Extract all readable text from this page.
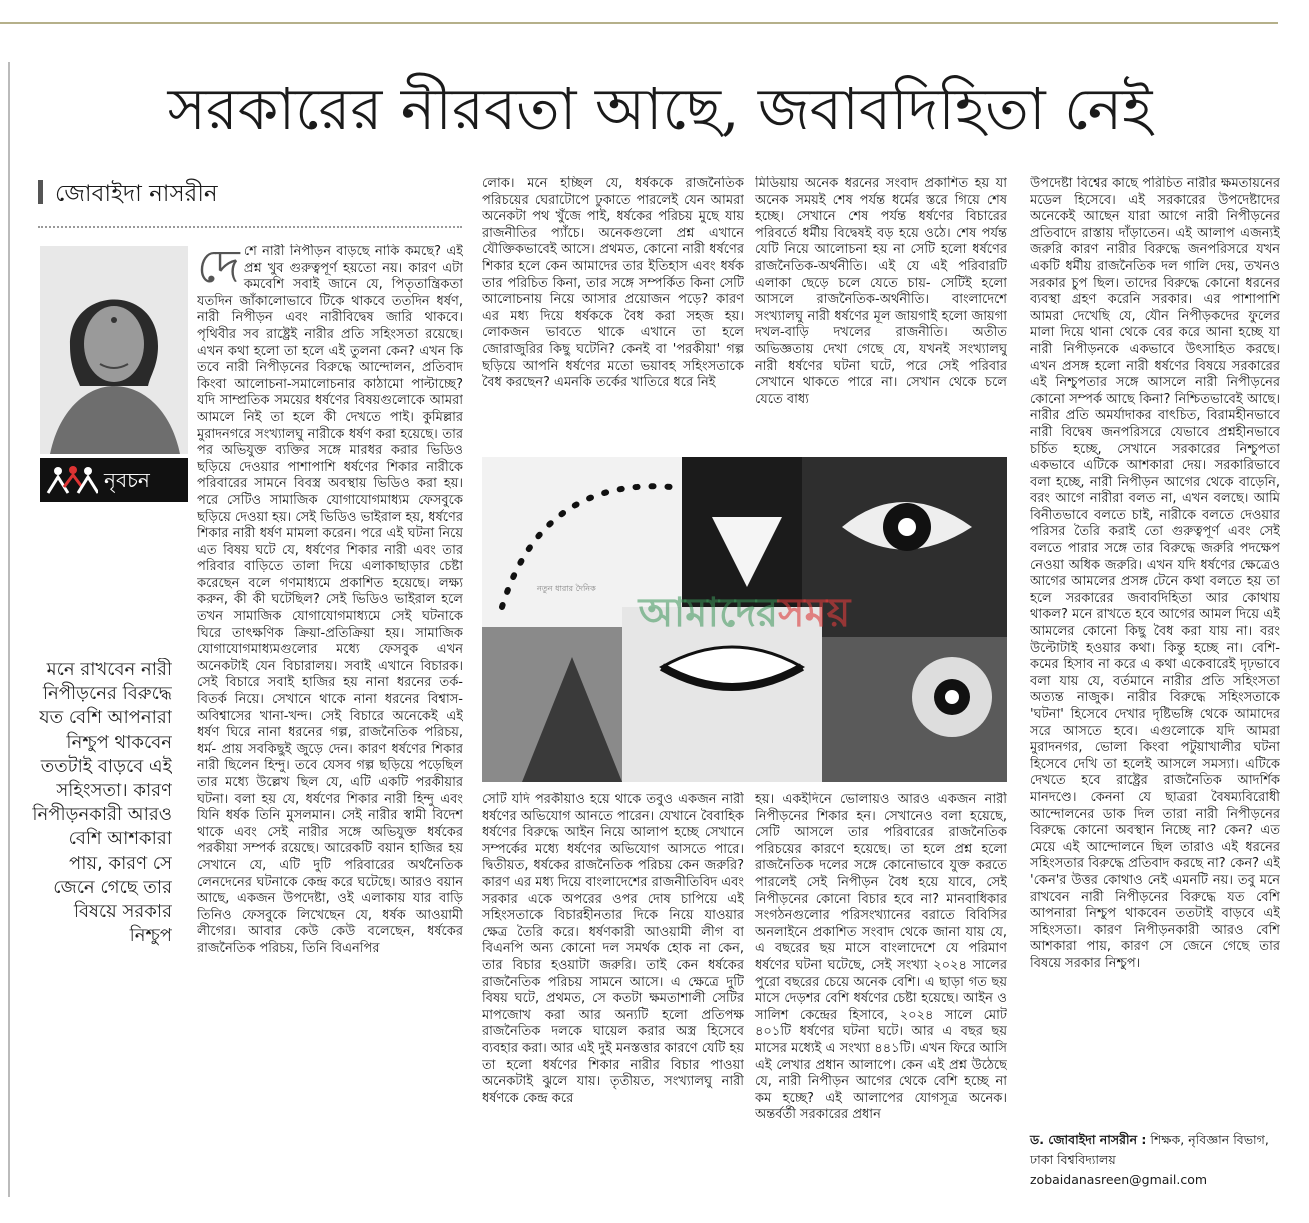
সরকারের নীরবতা আছে, জবাবদিহিতা নেই
জোবাইদা নাসরীন
নৃবচন
মনে রাখবেন নারী নিপীড়নের বিরুদ্ধে যত বেশি আপনারা নিশ্চুপ থাকবেন ততটাই বাড়বে এই সহিংসতা। কারণ নিপীড়নকারী আরও বেশি আশকারা পায়, কারণ সে জেনে গেছে তার বিষয়ে সরকার নিশ্চুপ
দেশে নারী নিপীড়ন বাড়ছে নাকি কমছে? এই প্রশ্ন খুব গুরুত্বপূর্ণ হয়তো নয়। কারণ এটা কমবেশি সবাই জানে যে, পিতৃতান্ত্রিকতা যতদিন জাঁকালোভাবে টিকে থাকবে ততদিন ধর্ষণ, নারী নিপীড়ন এবং নারীবিদ্বেষ জারি থাকবে। পৃথিবীর সব রাষ্ট্রেই নারীর প্রতি সহিংসতা রয়েছে। এখন কথা হলো তা হলে এই তুলনা কেন? এখন কি তবে নারী নিপীড়নের বিরুদ্ধে আন্দোলন, প্রতিবাদ কিংবা আলোচনা-সমালোচনার কাঠামো পাল্টাচ্ছে? যদি সাম্প্রতিক সময়ের ধর্ষণের বিষয়গুলোকে আমরা আমলে নিই তা হলে কী দেখতে পাই। কুমিল্লার মুরাদনগরে সংখ্যালঘু নারীকে ধর্ষণ করা হয়েছে। তার পর অভিযুক্ত ব্যক্তির সঙ্গে মারধর করার ভিডিও ছড়িয়ে দেওয়ার পাশাপাশি ধর্ষণের শিকার নারীকে পরিবারের সামনে বিবস্ত্র অবস্থায় ভিডিও করা হয়। পরে সেটিও সামাজিক যোগাযোগমাধ্যম ফেসবুকে ছড়িয়ে দেওয়া হয়। সেই ভিডিও ভাইরাল হয়, ধর্ষণের শিকার নারী ধর্ষণ মামলা করেন। পরে এই ঘটনা নিয়ে এত বিষয় ঘটে যে, ধর্ষণের শিকার নারী এবং তার পরিবার বাড়িতে তালা দিয়ে এলাকাছাড়ার চেষ্টা করেছেন বলে গণমাধ্যমে প্রকাশিত হয়েছে। লক্ষ্য করুন, কী কী ঘটেছিল? সেই ভিডিও ভাইরাল হলে তখন সামাজিক যোগাযোগমাধ্যমে সেই ঘটনাকে ঘিরে তাৎক্ষণিক ক্রিয়া-প্রতিক্রিয়া হয়। সামাজিক যোগাযোগমাধ্যমগুলোর মধ্যে ফেসবুক এখন অনেকটাই যেন বিচারালয়। সবাই এখানে বিচারক। সেই বিচারে সবাই হাজির হয় নানা ধরনের তর্ক-বিতর্ক নিয়ে। সেখানে থাকে নানা ধরনের বিশ্বাস-অবিশ্বাসের খানা-খন্দ। সেই বিচারে অনেকেই এই ধর্ষণ ঘিরে নানা ধরনের গল্প, রাজনৈতিক পরিচয়, ধর্ম- প্রায় সবকিছুই জুড়ে দেন। কারণ ধর্ষণের শিকার নারী ছিলেন হিন্দু। তবে যেসব গল্প ছড়িয়ে পড়েছিল তার মধ্যে উল্লেখ ছিল যে, এটি একটি পরকীয়ার ঘটনা। বলা হয় যে, ধর্ষণের শিকার নারী হিন্দু এবং যিনি ধর্ষক তিনি মুসলমান। সেই নারীর স্বামী বিদেশ থাকে এবং সেই নারীর সঙ্গে অভিযুক্ত ধর্ষকের পরকীয়া সম্পর্ক রয়েছে। আরেকটি বয়ান হাজির হয় সেখানে যে, এটি দুটি পরিবারের অর্থনৈতিক লেনদেনের ঘটনাকে কেন্দ্র করে ঘটেছে। আরও বয়ান আছে, একজন উপদেষ্টা, ওই এলাকায় যার বাড়ি তিনিও ফেসবুকে লিখেছেন যে, ধর্ষক আওয়ামী লীগের। আবার কেউ কেউ বলেছেন, ধর্ষকের রাজনৈতিক পরিচয়, তিনি বিএনপির
লোক। মনে হচ্ছিল যে, ধর্ষককে রাজনৈতিক পরিচয়ের ঘেরাটোপে ঢুকাতে পারলেই যেন আমরা অনেকটা পথ খুঁজে পাই, ধর্ষকের পরিচয় মুছে যায় রাজনীতির প্যাঁচে। অনেকগুলো প্রশ্ন এখানে যৌক্তিকভাবেই আসে। প্রথমত, কোনো নারী ধর্ষণের শিকার হলে কেন আমাদের তার ইতিহাস এবং ধর্ষক তার পরিচিত কিনা, তার সঙ্গে সম্পর্কিত কিনা সেটি আলোচনায় নিয়ে আসার প্রয়োজন পড়ে? কারণ এর মধ্য দিয়ে ধর্ষককে বৈধ করা সহজ হয়। লোকজন ভাবতে থাকে এখানে তা হলে জোরাজুরির কিছু ঘটেনি? কেনই বা 'পরকীয়া' গল্প ছড়িয়ে আপনি ধর্ষণের মতো ভয়াবহ সহিংসতাকে বৈধ করছেন? এমনকি তর্কের খাতিরে ধরে নিই
মিডিয়ায় অনেক ধরনের সংবাদ প্রকাশিত হয় যা অনেক সময়ই শেষ পর্যন্ত ধর্মের স্তরে গিয়ে শেষ হচ্ছে। সেখানে শেষ পর্যন্ত ধর্ষণের বিচারের পরিবর্তে ধর্মীয় বিদ্বেষই বড় হয়ে ওঠে। শেষ পর্যন্ত যেটি নিয়ে আলোচনা হয় না সেটি হলো ধর্ষণের রাজনৈতিক-অর্থনীতি। এই যে এই পরিবারটি এলাকা ছেড়ে চলে যেতে চায়- সেটিই হলো আসলে রাজনৈতিক-অর্থনীতি। বাংলাদেশে সংখ্যালঘু নারী ধর্ষণের মূল জায়গাই হলো জায়গা দখল-বাড়ি দখলের রাজনীতি। অতীত অভিজ্ঞতায় দেখা গেছে যে, যখনই সংখ্যালঘু নারী ধর্ষণের ঘটনা ঘটে, পরে সেই পরিবার সেখানে থাকতে পারে না। সেখান থেকে চলে যেতে বাধ্য
আমাদেরসময়
নতুন ধারার দৈনিক
সেটি যদি পরকীয়াও হয়ে থাকে তবুও একজন নারী ধর্ষণের অভিযোগ আনতে পারেন। যেখানে বৈবাহিক ধর্ষণের বিরুদ্ধে আইন নিয়ে আলাপ হচ্ছে সেখানে সম্পর্কের মধ্যে ধর্ষণের অভিযোগ আসতে পারে। দ্বিতীয়ত, ধর্ষকের রাজনৈতিক পরিচয় কেন জরুরি? কারণ এর মধ্য দিয়ে বাংলাদেশের রাজনীতিবিদ এবং সরকার একে অপরের ওপর দোষ চাপিয়ে এই সহিংসতাকে বিচারহীনতার দিকে নিয়ে যাওয়ার ক্ষেত্র তৈরি করে। ধর্ষণকারী আওয়ামী লীগ বা বিএনপি অন্য কোনো দল সমর্থক হোক না কেন, তার বিচার হওয়াটা জরুরি। তাই কেন ধর্ষকের রাজনৈতিক পরিচয় সামনে আসে। এ ক্ষেত্রে দুটি বিষয় ঘটে, প্রথমত, সে কতটা ক্ষমতাশালী সেটির মাপজোখ করা আর অন্যটি হলো প্রতিপক্ষ রাজনৈতিক দলকে ঘায়েল করার অস্ত্র হিসেবে ব্যবহার করা। আর এই দুই মনস্তত্তার কারণে যেটি হয় তা হলো ধর্ষণের শিকার নারীর বিচার পাওয়া অনেকটাই ঝুলে যায়। তৃতীয়ত, সংখ্যালঘু নারী ধর্ষণকে কেন্দ্র করে
হয়। একইদিনে ভোলায়ও আরও একজন নারী নিপীড়নের শিকার হন। সেখানেও বলা হয়েছে, সেটি আসলে তার পরিবারের রাজনৈতিক পরিচয়ের কারণে হয়েছে। তা হলে প্রশ্ন হলো রাজনৈতিক দলের সঙ্গে কোনোভাবে যুক্ত করতে পারলেই সেই নিপীড়ন বৈধ হয়ে যাবে, সেই নিপীড়নের কোনো বিচার হবে না? মানবাধিকার সংগঠনগুলোর পরিসংখ্যানের বরাতে বিবিসির অনলাইনে প্রকাশিত সংবাদ থেকে জানা যায় যে, এ বছরের ছয় মাসে বাংলাদেশে যে পরিমাণ ধর্ষণের ঘটনা ঘটেছে, সেই সংখ্যা ২০২৪ সালের পুরো বছরের চেয়ে অনেক বেশি। এ ছাড়া গত ছয় মাসে দেড়শর বেশি ধর্ষণের চেষ্টা হয়েছে। আইন ও সালিশ কেন্দ্রের হিসাবে, ২০২৪ সালে মোট ৪০১টি ধর্ষণের ঘটনা ঘটে। আর এ বছর ছয় মাসের মধ্যেই এ সংখ্যা ৪৪১টি। এখন ফিরে আসি এই লেখার প্রধান আলাপে। কেন এই প্রশ্ন উঠেছে যে, নারী নিপীড়ন আগের থেকে বেশি হচ্ছে না কম হচ্ছে? এই আলাপের যোগসূত্র অনেক। অন্তর্বর্তী সরকারের প্রধান
উপদেষ্টা বিশ্বের কাছে পরিচিত নারীর ক্ষমতায়নের মডেল হিসেবে। এই সরকারের উপদেষ্টাদের অনেকেই আছেন যারা আগে নারী নিপীড়নের প্রতিবাদে রাস্তায় দাঁড়াতেন। এই আলাপ এজন্যই জরুরি কারণ নারীর বিরুদ্ধে জনপরিসরে যখন একটি ধর্মীয় রাজনৈতিক দল গালি দেয়, তখনও সরকার চুপ ছিল। তাদের বিরুদ্ধে কোনো ধরনের ব্যবস্থা গ্রহণ করেনি সরকার। এর পাশাপাশি আমরা দেখেছি যে, যৌন নিপীড়কদের ফুলের মালা দিয়ে থানা থেকে বের করে আনা হচ্ছে যা নারী নিপীড়নকে একভাবে উৎসাহিত করছে। এখন প্রসঙ্গ হলো নারী ধর্ষণের বিষয়ে সরকারের এই নিশ্চুপতার সঙ্গে আসলে নারী নিপীড়নের কোনো সম্পর্ক আছে কিনা? নিশ্চিতভাবেই আছে। নারীর প্রতি অমর্যাদাকর বাৎচিত, বিরামহীনভাবে নারী বিদ্বেষ জনপরিসরে যেভাবে প্রশ্নহীনভাবে চর্চিত হচ্ছে, সেখানে সরকারের নিশ্চুপতা একভাবে এটিকে আশকারা দেয়। সরকারিভাবে বলা হচ্ছে, নারী নিপীড়ন আগের থেকে বাড়েনি, বরং আগে নারীরা বলত না, এখন বলছে। আমি বিনীতভাবে বলতে চাই, নারীকে বলতে দেওয়ার পরিসর তৈরি করাই তো গুরুত্বপূর্ণ এবং সেই বলতে পারার সঙ্গে তার বিরুদ্ধে জরুরি পদক্ষেপ নেওয়া অধিক জরুরি। এখন যদি ধর্ষণের ক্ষেত্রেও আগের আমলের প্রসঙ্গ টেনে কথা বলতে হয় তা হলে সরকারের জবাবদিহিতা আর কোথায় থাকল? মনে রাখতে হবে আগের আমল দিয়ে এই আমলের কোনো কিছু বৈধ করা যায় না। বরং উল্টোটাই হওয়ার কথা। কিন্তু হচ্ছে না। বেশি-কমের হিসাব না করে এ কথা একেবারেই দৃঢ়ভাবে বলা যায় যে, বর্তমানে নারীর প্রতি সহিংসতা অত্যন্ত নাজুক। নারীর বিরুদ্ধে সহিংসতাকে 'ঘটনা' হিসেবে দেখার দৃষ্টিভঙ্গি থেকে আমাদের সরে আসতে হবে। এগুলোকে যদি আমরা মুরাদনগর, ভোলা কিংবা পটুয়াখালীর ঘটনা হিসেবে দেখি তা হলেই আসলে সমস্যা। এটিকে দেখতে হবে রাষ্ট্রের রাজনৈতিক আদর্শিক মানদণ্ডে। কেননা যে ছাত্ররা বৈষম্যবিরোধী আন্দোলনের ডাক দিল তারা নারী নিপীড়নের বিরুদ্ধে কোনো অবস্থান নিচ্ছে না? কেন? এত মেয়ে এই আন্দোলনে ছিল তারাও এই ধরনের সহিংসতার বিরুদ্ধে প্রতিবাদ করছে না? কেন? এই 'কেন'র উত্তর কোথাও নেই এমনটি নয়। তবু মনে রাখবেন নারী নিপীড়নের বিরুদ্ধে যত বেশি আপনারা নিশ্চুপ থাকবেন ততটাই বাড়বে এই সহিংসতা। কারণ নিপীড়নকারী আরও বেশি আশকারা পায়, কারণ সে জেনে গেছে তার বিষয়ে সরকার নিশ্চুপ।
ড. জোবাইদা নাসরীন : শিক্ষক, নৃবিজ্ঞান বিভাগ, ঢাকা বিশ্ববিদ্যালয়
zobaidanasreen@gmail.com
